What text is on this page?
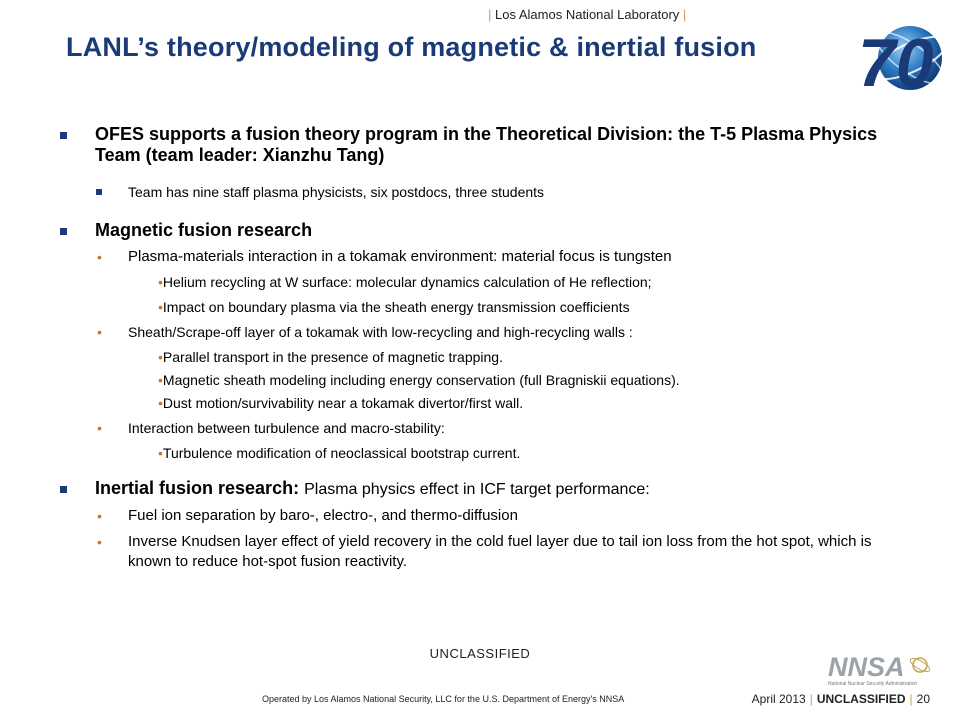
| Los Alamos National Laboratory |
LANL’s theory/modeling of magnetic & inertial fusion 70
OFES supports a fusion theory program in the Theoretical Division: the T-5 Plasma Physics Team (team leader: Xianzhu Tang)
Team has nine staff plasma physicists, six postdocs, three students
Magnetic fusion research
• Plasma-materials interaction in a tokamak environment: material focus is tungsten
•Helium recycling at W surface: molecular dynamics calculation of He reflection;
•Impact on boundary plasma via the sheath energy transmission coefficients
• Sheath/Scrape-off layer of a tokamak with low-recycling and high-recycling walls :
•Parallel transport in the presence of magnetic trapping.
•Magnetic sheath modeling including energy conservation (full Bragniskii equations).
•Dust motion/survivability near a tokamak divertor/first wall.
• Interaction between turbulence and macro-stability:
•Turbulence modification of neoclassical bootstrap current.
Inertial fusion research: Plasma physics effect in ICF target performance:
• Fuel ion separation by baro-, electro-, and thermo-diffusion
• Inverse Knudsen layer effect of yield recovery in the cold fuel layer due to tail ion loss from the hot spot, which is known to reduce hot-spot fusion reactivity.
UNCLASSIFIED	NNSA
National Nuclear Security Administration
Operated by Los Alamos National Security, LLC for the U.S. Department of Energy's NNSA	April 2013 | UNCLASSIFIED | 20
